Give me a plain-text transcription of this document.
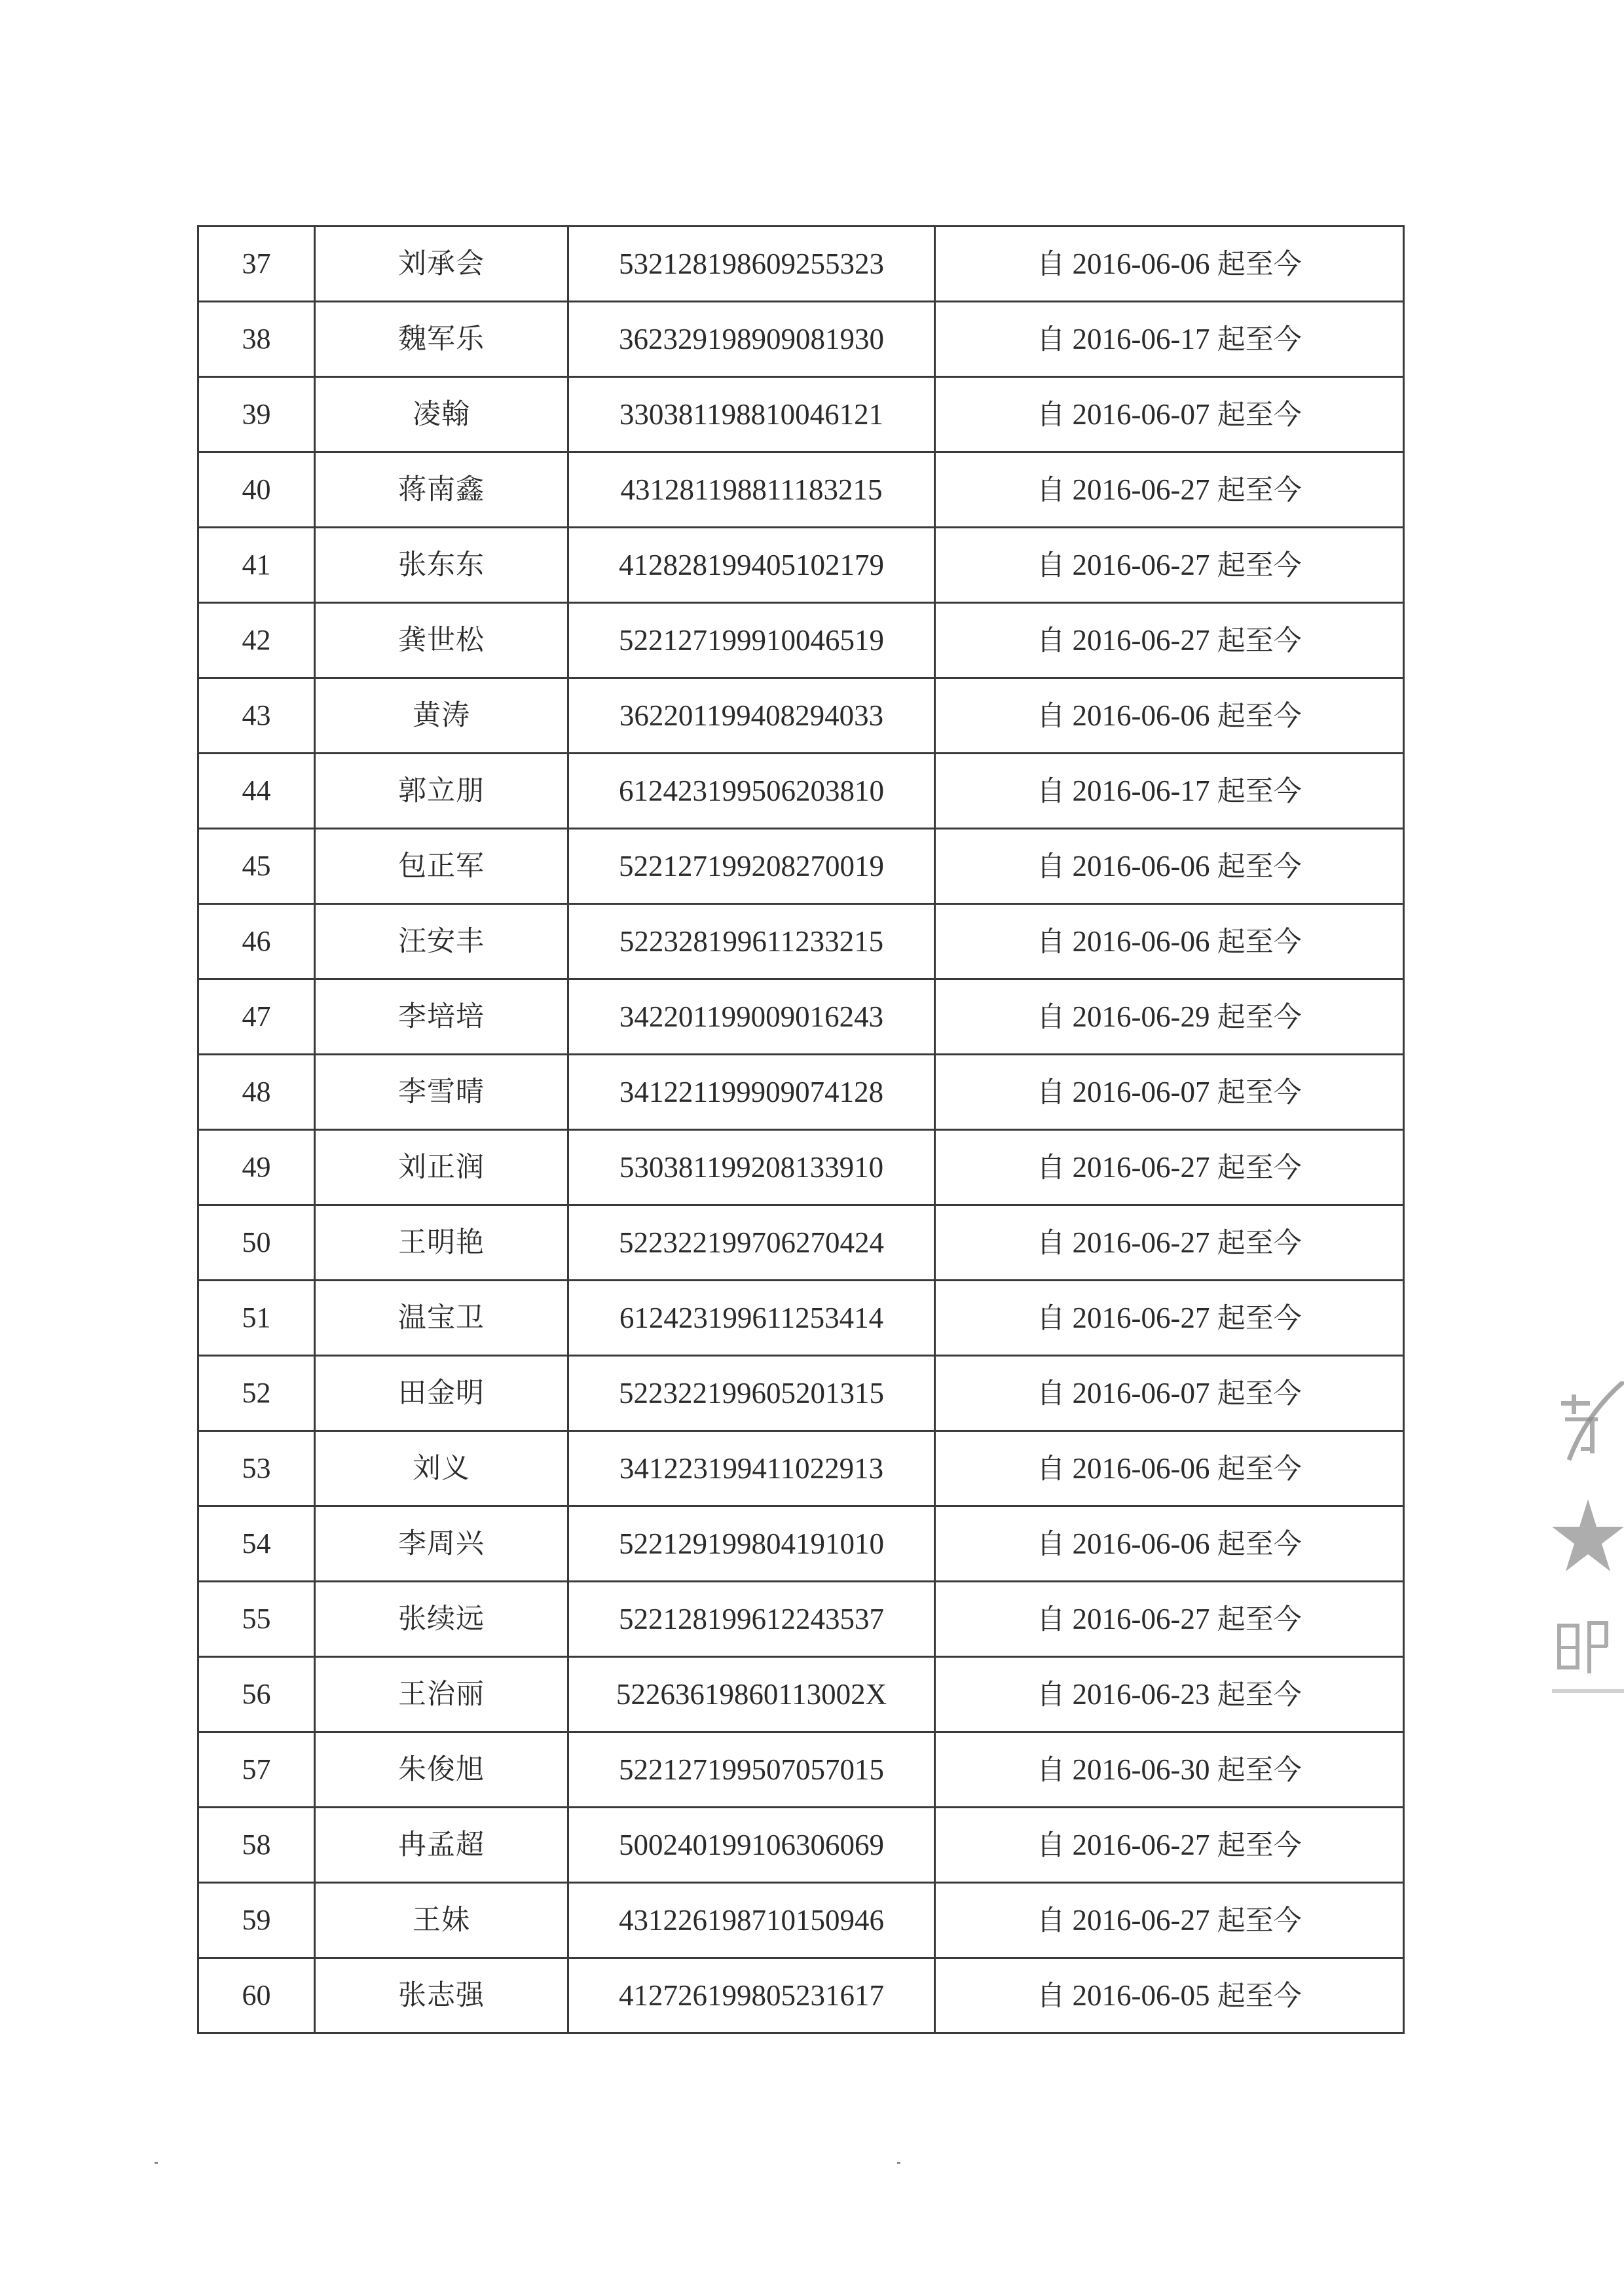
37	刘承会	532128198609255323	自 2016-06-06 起至今
38	魏军乐	362329198909081930	自 2016-06-17 起至今
39	凌翰	330381198810046121	自 2016-06-07 起至今
40	蒋南鑫	431281198811183215	自 2016-06-27 起至今
41	张东东	412828199405102179	自 2016-06-27 起至今
42	龚世松	522127199910046519	自 2016-06-27 起至今
43	黄涛	362201199408294033	自 2016-06-06 起至今
44	郭立朋	612423199506203810	自 2016-06-17 起至今
45	包正军	522127199208270019	自 2016-06-06 起至今
46	汪安丰	522328199611233215	自 2016-06-06 起至今
47	李培培	342201199009016243	自 2016-06-29 起至今
48	李雪晴	341221199909074128	自 2016-06-07 起至今
49	刘正润	530381199208133910	自 2016-06-27 起至今
50	王明艳	522322199706270424	自 2016-06-27 起至今
51	温宝卫	612423199611253414	自 2016-06-27 起至今
52	田金明	522322199605201315	自 2016-06-07 起至今
53	刘义	341223199411022913	自 2016-06-06 起至今
54	李周兴	522129199804191010	自 2016-06-06 起至今
55	张续远	522128199612243537	自 2016-06-27 起至今
56	王治丽	52263619860113002X	自 2016-06-23 起至今
57	朱俊旭	522127199507057015	自 2016-06-30 起至今
58	冉孟超	500240199106306069	自 2016-06-27 起至今
59	王妹	431226198710150946	自 2016-06-27 起至今
60	张志强	412726199805231617	自 2016-06-05 起至今
